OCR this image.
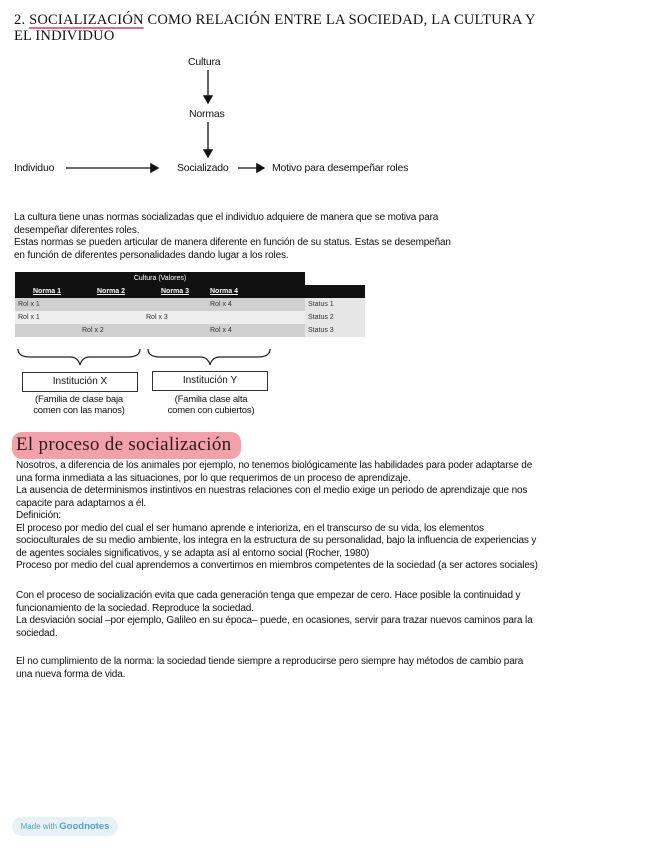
2. SOCIALIZACIÓN COMO RELACIÓN ENTRE LA SOCIEDAD, LA CULTURA Y
EL INDIVIDUO
Cultura
Normas
Individuo	Socializado	Motivo para desempeñar roles
La cultura tiene unas normas socializadas que el individuo adquiere de manera que se motiva para
desempeñar diferentes roles.
Estas normas se pueden articular de manera diferente en función de su status. Estas se desempeñan
en función de diferentes personalidades dando lugar a los roles.
	Cultura (Valores)				
Norma 1	Norma 2	Norma 3	Norma 4		
Rol x 1			Rol x 4		Status 1
Rol x 1		Rol x 3			Status 2
	Rol x 2		Rol x 4		Status 3
Institución X	Institución Y
(Familia de clase baja
comen con las manos)
(Familia clase alta
comen con cubiertos)
El proceso de socialización
Nosotros, a diferencia de los animales por ejemplo, no tenemos biológicamente las habilidades para poder adaptarse de
una forma inmediata a las situaciones, por lo que requerimos de un proceso de aprendizaje.
La ausencia de determinismos instintivos en nuestras relaciones con el medio exige un periodo de aprendizaje que nos
capacite para adaptarnos a él.
Definición:
El proceso por medio del cual el ser humano aprende e interioriza, en el transcurso de su vida, los elementos
socioculturales de su medio ambiente, los integra en la estructura de su personalidad, bajo la influencia de experiencias y
de agentes sociales significativos, y se adapta así al entorno social (Rocher, 1980)
Proceso por medio del cual aprendemos a convertirnos en miembros competentes de la sociedad (a ser actores sociales)
Con el proceso de socialización evita que cada generación tenga que empezar de cero. Hace posible la continuidad y
funcionamiento de la sociedad. Reproduce la sociedad.
La desviación social –por ejemplo, Galileo en su época– puede, en ocasiones, servir para trazar nuevos caminos para la
sociedad.
El no cumplimiento de la norma: la sociedad tiende siempre a reproducirse pero siempre hay métodos de cambio para
una nueva forma de vida.
Made with Goodnotes
